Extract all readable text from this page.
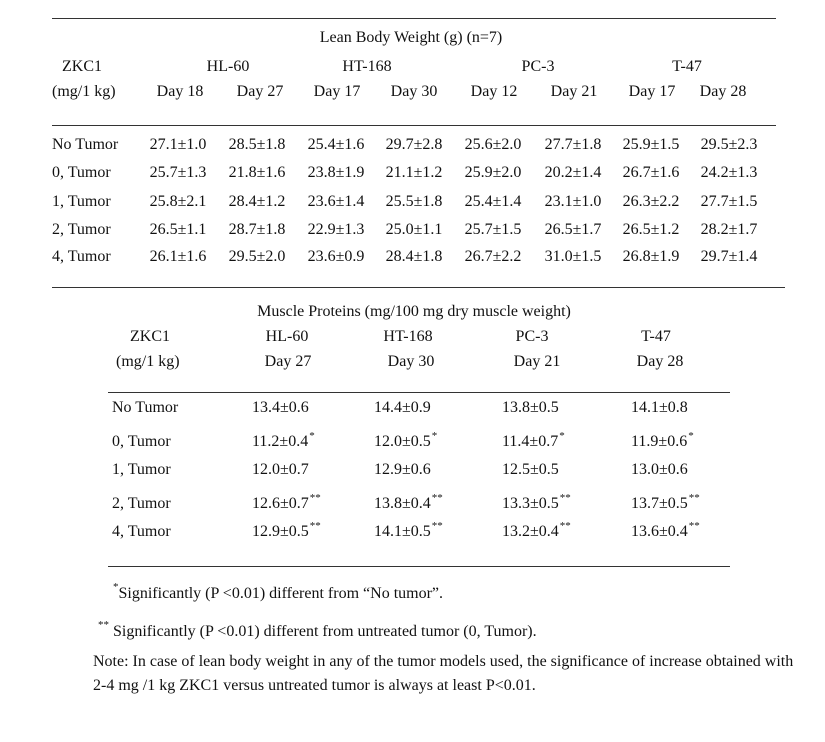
Lean Body Weight (g) (n=7)
ZKC1
(mg/1 kg)
HL-60	HT-168	PC-3	T-47
Day 18 Day 27 Day 17 Day 30 Day 12 Day 21 Day 17 Day 28
No Tumor 27.1±1.0 28.5±1.8 25.4±1.6 29.7±2.8 25.6±2.0 27.7±1.8 25.9±1.5 29.5±2.3
0, Tumor 25.7±1.3 21.8±1.6 23.8±1.9 21.1±1.2 25.9±2.0 20.2±1.4 26.7±1.6 24.2±1.3
1, Tumor 25.8±2.1 28.4±1.2 23.6±1.4 25.5±1.8 25.4±1.4 23.1±1.0 26.3±2.2 27.7±1.5
2, Tumor 26.5±1.1 28.7±1.8 22.9±1.3 25.0±1.1 25.7±1.5 26.5±1.7 26.5±1.2 28.2±1.7
4, Tumor 26.1±1.6 29.5±2.0 23.6±0.9 28.4±1.8 26.7±2.2 31.0±1.5 26.8±1.9 29.7±1.4
Muscle Proteins (mg/100 mg dry muscle weight)
ZKC1
(mg/1 kg)
HL-60	HT-168	PC-3	T-47
Day 27	Day 30	Day 21	Day 28
No Tumor	13.4±0.6	14.4±0.9	13.8±0.5	14.1±0.8
0, Tumor	11.2±0.4*	12.0±0.5*	11.4±0.7*	11.9±0.6*
1, Tumor	12.0±0.7	12.9±0.6	12.5±0.5	13.0±0.6
2, Tumor	12.6±0.7**	13.8±0.4**	13.3±0.5**	13.7±0.5**
4, Tumor	12.9±0.5**	14.1±0.5**	13.2±0.4**	13.6±0.4**
*Significantly (P <0.01) different from “No tumor”.
** Significantly (P <0.01) different from untreated tumor (0, Tumor).
Note: In case of lean body weight in any of the tumor models used, the significance of increase obtained with 2-4 mg /1 kg ZKC1 versus untreated tumor is always at least P<0.01.
